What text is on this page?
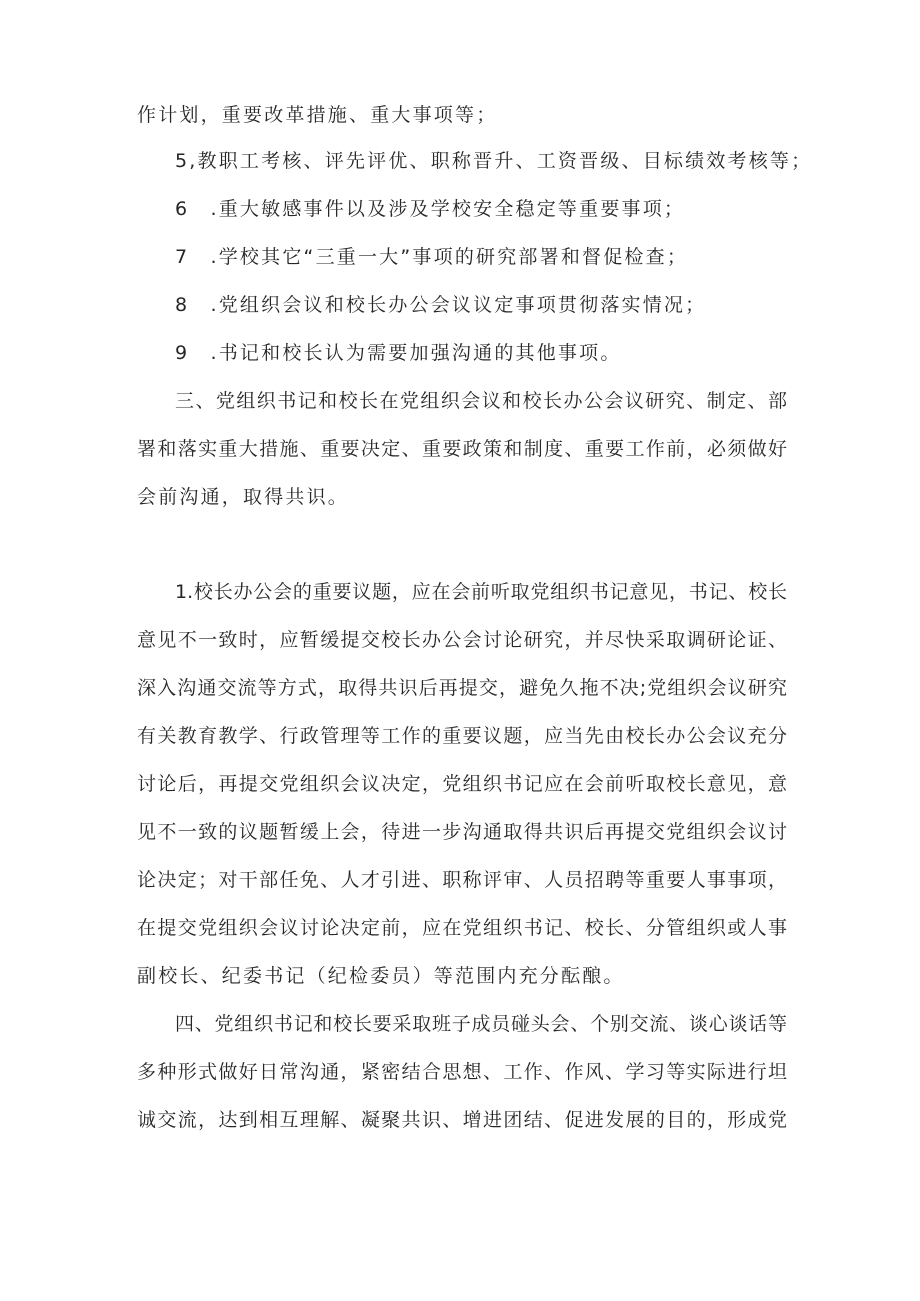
作计划，重要改革措施、重大事项等；
5,教职工考核、评先评优、职称晋升、工资晋级、目标绩效考核等；
6　.重大敏感事件以及涉及学校安全稳定等重要事项；
7　.学校其它“三重一大”事项的研究部署和督促检查；
8　.党组织会议和校长办公会议议定事项贯彻落实情况；
9　.书记和校长认为需要加强沟通的其他事项。
三、党组织书记和校长在党组织会议和校长办公会议研究、制定、部
署和落实重大措施、重要决定、重要政策和制度、重要工作前，必须做好
会前沟通，取得共识。
1.校长办公会的重要议题，应在会前听取党组织书记意见，书记、校长
意见不一致时，应暂缓提交校长办公会讨论研究，并尽快采取调研论证、
深入沟通交流等方式，取得共识后再提交，避免久拖不决;党组织会议研究
有关教育教学、行政管理等工作的重要议题，应当先由校长办公会议充分
讨论后，再提交党组织会议决定，党组织书记应在会前听取校长意见，意
见不一致的议题暂缓上会，待进一步沟通取得共识后再提交党组织会议讨
论决定；对干部任免、人才引进、职称评审、人员招聘等重要人事事项，
在提交党组织会议讨论决定前，应在党组织书记、校长、分管组织或人事
副校长、纪委书记（纪检委员）等范围内充分酝酿。
四、党组织书记和校长要采取班子成员碰头会、个别交流、谈心谈话等
多种形式做好日常沟通，紧密结合思想、工作、作风、学习等实际进行坦
诚交流，达到相互理解、凝聚共识、增进团结、促进发展的目的，形成党
